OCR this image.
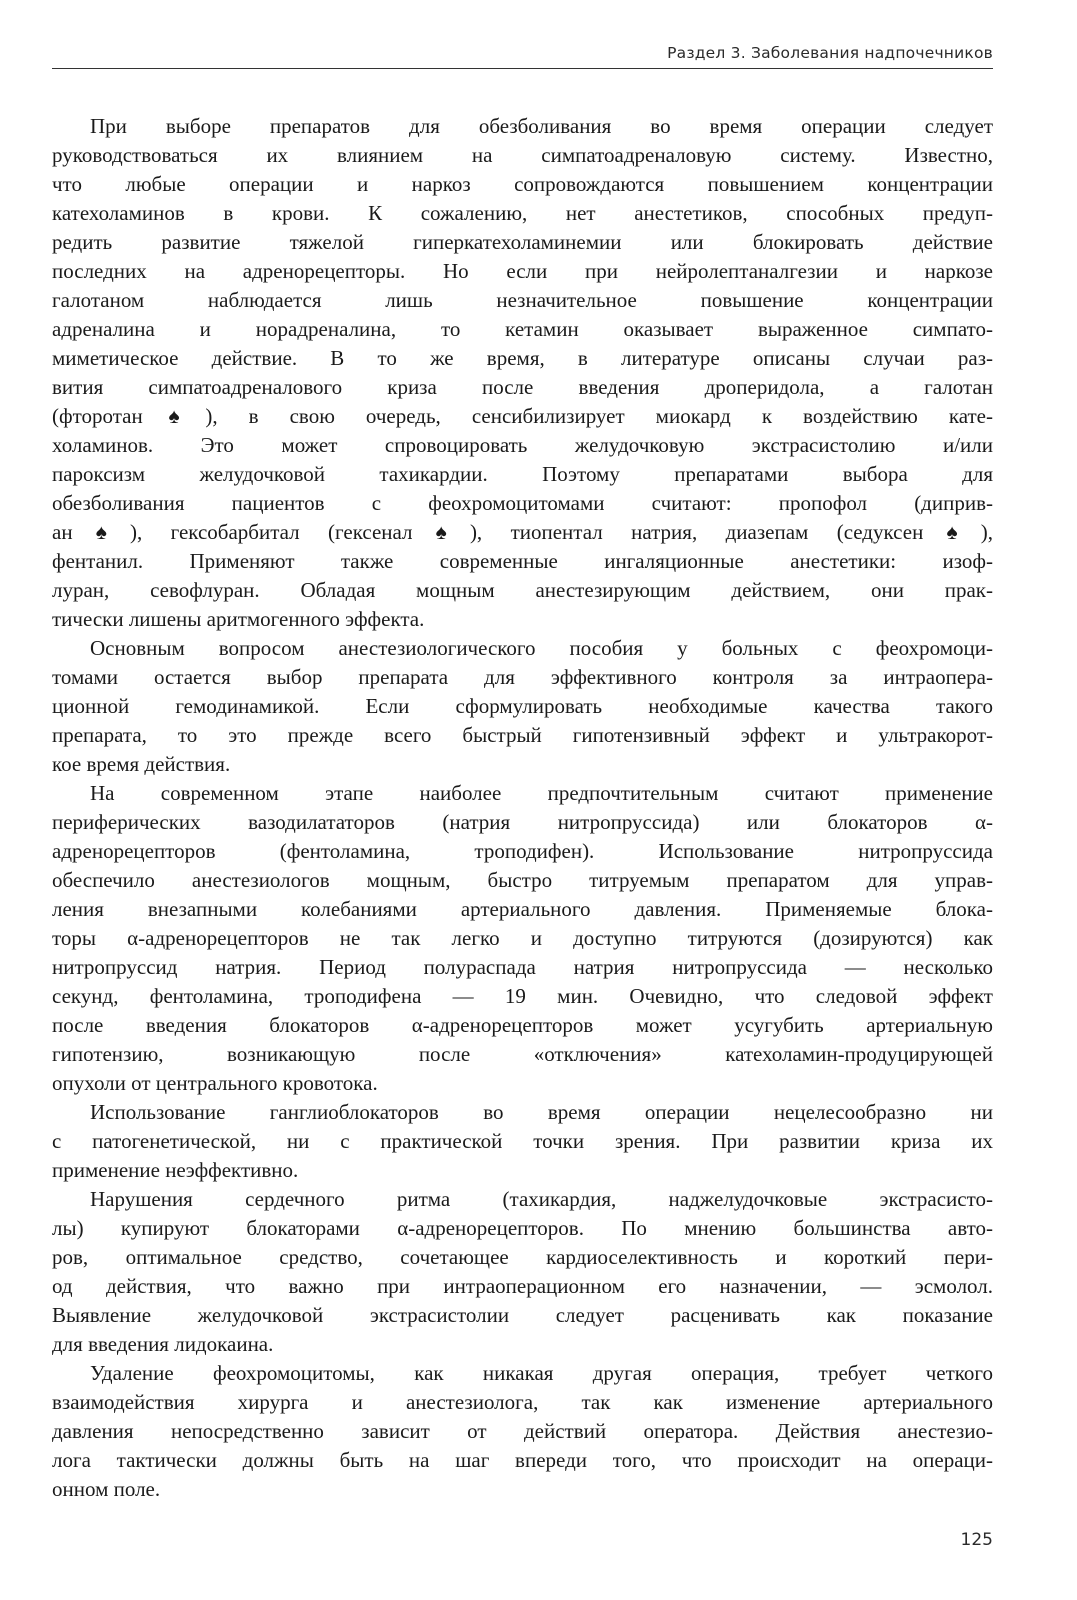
Раздел 3. Заболевания надпочечников
При выборе препаратов для обезболивания во время операции следует
руководствоваться их влиянием на симпатоадреналовую систему. Известно,
что любые операции и наркоз сопровождаются повышением концентрации
катехоламинов в крови. К сожалению, нет анестетиков, способных предуп-
редить развитие тяжелой гиперкатехоламинемии или блокировать действие
последних на адренорецепторы. Но если при нейролептаналгезии и наркозе
галотаном наблюдается лишь незначительное повышение концентрации
адреналина и норадреналина, то кетамин оказывает выраженное симпато-
миметическое действие. В то же время, в литературе описаны случаи раз-
вития симпатоадреналового криза после введения дроперидола, а галотан
(фторотан♠), в свою очередь, сенсибилизирует миокард к воздействию кате-
холаминов. Это может спровоцировать желудочковую экстрасистолию и/или
пароксизм желудочковой тахикардии. Поэтому препаратами выбора для
обезболивания пациентов с феохромоцитомами считают: пропофол (диприв-
ан♠), гексобарбитал (гексенал♠), тиопентал натрия, диазепам (седуксен♠),
фентанил. Применяют также современные ингаляционные анестетики: изоф-
луран, севофлуран. Обладая мощным анестезирующим действием, они прак-
тически лишены аритмогенного эффекта.
Основным вопросом анестезиологического пособия у больных с феохромоци-
томами остается выбор препарата для эффективного контроля за интраопера-
ционной гемодинамикой. Если сформулировать необходимые качества такого
препарата, то это прежде всего быстрый гипотензивный эффект и ультракорот-
кое время действия.
На современном этапе наиболее предпочтительным считают применение
периферических вазодилататоров (натрия нитропруссида) или блокаторов α-
адренорецепторов (фентоламина, троподифен). Использование нитропруссида
обеспечило анестезиологов мощным, быстро титруемым препаратом для управ-
ления внезапными колебаниями артериального давления. Применяемые блока-
торы α-адренорецепторов не так легко и доступно титруются (дозируются) как
нитропруссид натрия. Период полураспада натрия нитропруссида — несколько
секунд, фентоламина, троподифена — 19 мин. Очевидно, что следовой эффект
после введения блокаторов α-адренорецепторов может усугубить артериальную
гипотензию, возникающую после «отключения» катехоламин-продуцирующей
опухоли от центрального кровотока.
Использование ганглиоблокаторов во время операции нецелесообразно ни
с патогенетической, ни с практической точки зрения. При развитии криза их
применение неэффективно.
Нарушения сердечного ритма (тахикардия, наджелудочковые экстрасисто-
лы) купируют блокаторами α-адренорецепторов. По мнению большинства авто-
ров, оптимальное средство, сочетающее кардиоселективность и короткий пери-
од действия, что важно при интраоперационном его назначении, — эсмолол.
Выявление желудочковой экстрасистолии следует расценивать как показание
для введения лидокаина.
Удаление феохромоцитомы, как никакая другая операция, требует четкого
взаимодействия хирурга и анестезиолога, так как изменение артериального
давления непосредственно зависит от действий оператора. Действия анестезио-
лога тактически должны быть на шаг впереди того, что происходит на операци-
онном поле.
125
